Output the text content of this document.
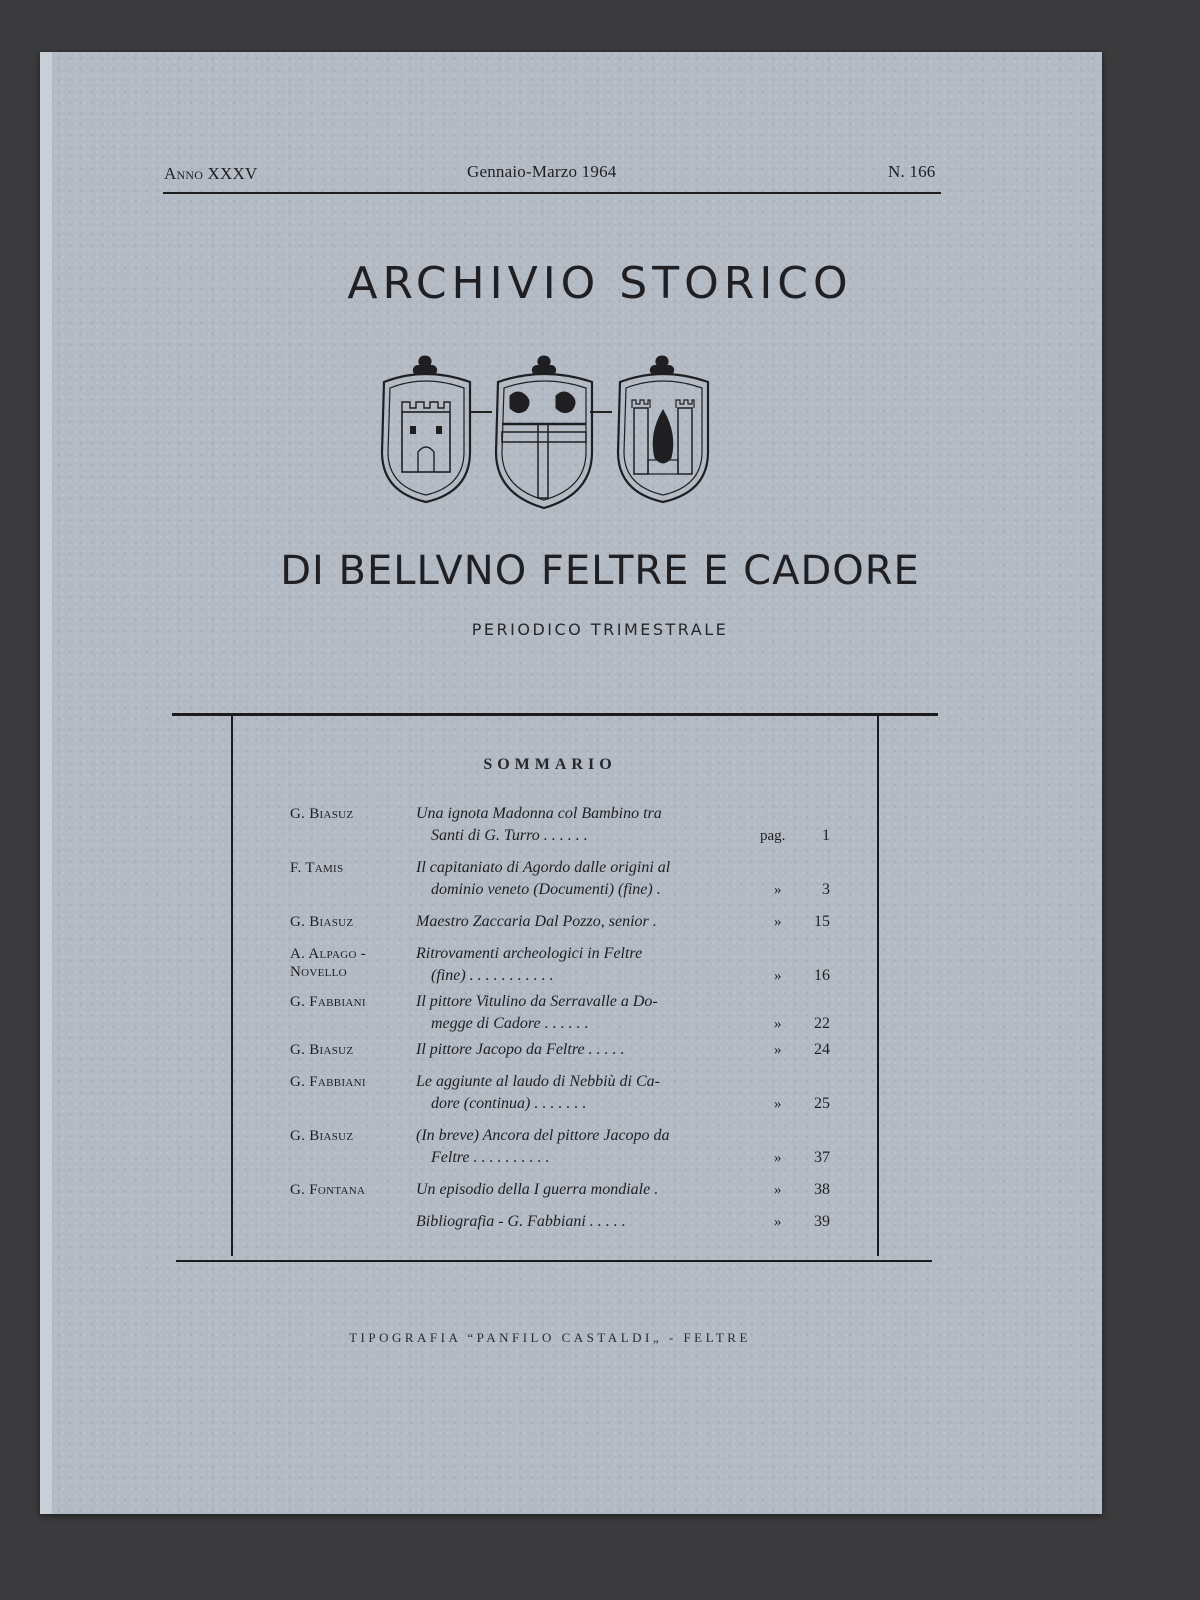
Anno XXXV	Gennaio-Marzo 1964	N. 166
ARCHIVIO STORICO
DI BELLVNO FELTRE E CADORE
PERIODICO TRIMESTRALE
SOMMARIO
G. Biasuz	Una ignota Madonna col Bambino tra
Santi di G. Turro . . . . . .	pag.	1
F. Tamis	Il capitaniato di Agordo dalle origini al
dominio veneto (Documenti) (fine) .	»	3
G. Biasuz	Maestro Zaccaria Dal Pozzo, senior .	»	15
A. Alpago - Novello
Ritrovamenti archeologici in Feltre
(fine) . . . . . . . . . . .	»	16
G. Fabbiani	Il pittore Vitulino da Serravalle a Do-
megge di Cadore . . . . . .	»	22
G. Biasuz	Il pittore Jacopo da Feltre . . . . .	»	24
G. Fabbiani	Le aggiunte al laudo di Nebbiù di Ca-
dore (continua) . . . . . . .	»	25
G. Biasuz	(In breve) Ancora del pittore Jacopo da
Feltre . . . . . . . . . .	»	37
G. Fontana	Un episodio della I guerra mondiale .	»	38
Bibliografia - G. Fabbiani . . . . .	»	39
TIPOGRAFIA “PANFILO CASTALDI„ - FELTRE
